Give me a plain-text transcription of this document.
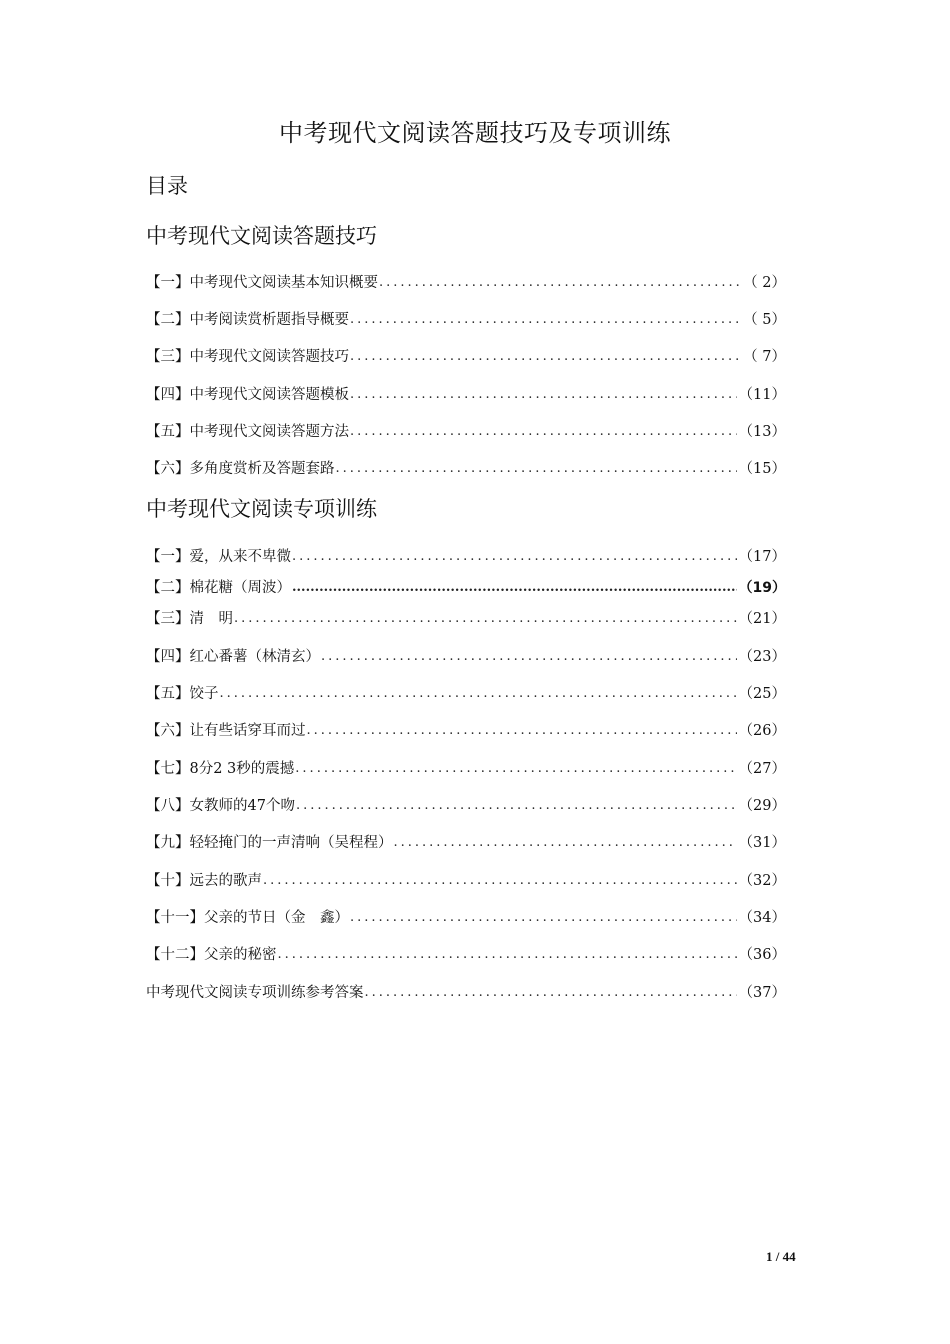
中考现代文阅读答题技巧及专项训练
目录
中考现代文阅读答题技巧
【一】 中考现代文阅读基本知识概要 .....	（ 2）
【二】 中考阅读赏析题指导概要 .....	（ 5）
【三】 中考现代文阅读答题技巧 .....	（ 7）
【四】 中考现代文阅读答题模板 .....	（11）
【五】 中考现代文阅读答题方法 .....	（13）
【六】 多角度赏析及答题套路 .....	（15）
中考现代文阅读专项训练
【一】 爱，从来不卑微 .....	（17）
【二】 棉花糖（周波） .....	（19）
【三】 清　明 .....	（21）
【四】 红心番薯（林清玄） .....	（23）
【五】 饺子 .....	（25）
【六】 让有些话穿耳而过 .....	（26）
【七】 8分2 3秒的震撼 .....	（27）
【八】 女教师的47个吻 .....	（29）
【九】 轻轻掩门的一声清响（吴程程） .....	（31）
【十】 远去的歌声 .....	（32）
【十一】 父亲的节日（金　鑫） .....	（34）
【十二】 父亲的秘密 .....	（36）
中考现代文阅读专项训练参考答案 .....	（37）
1 / 44
